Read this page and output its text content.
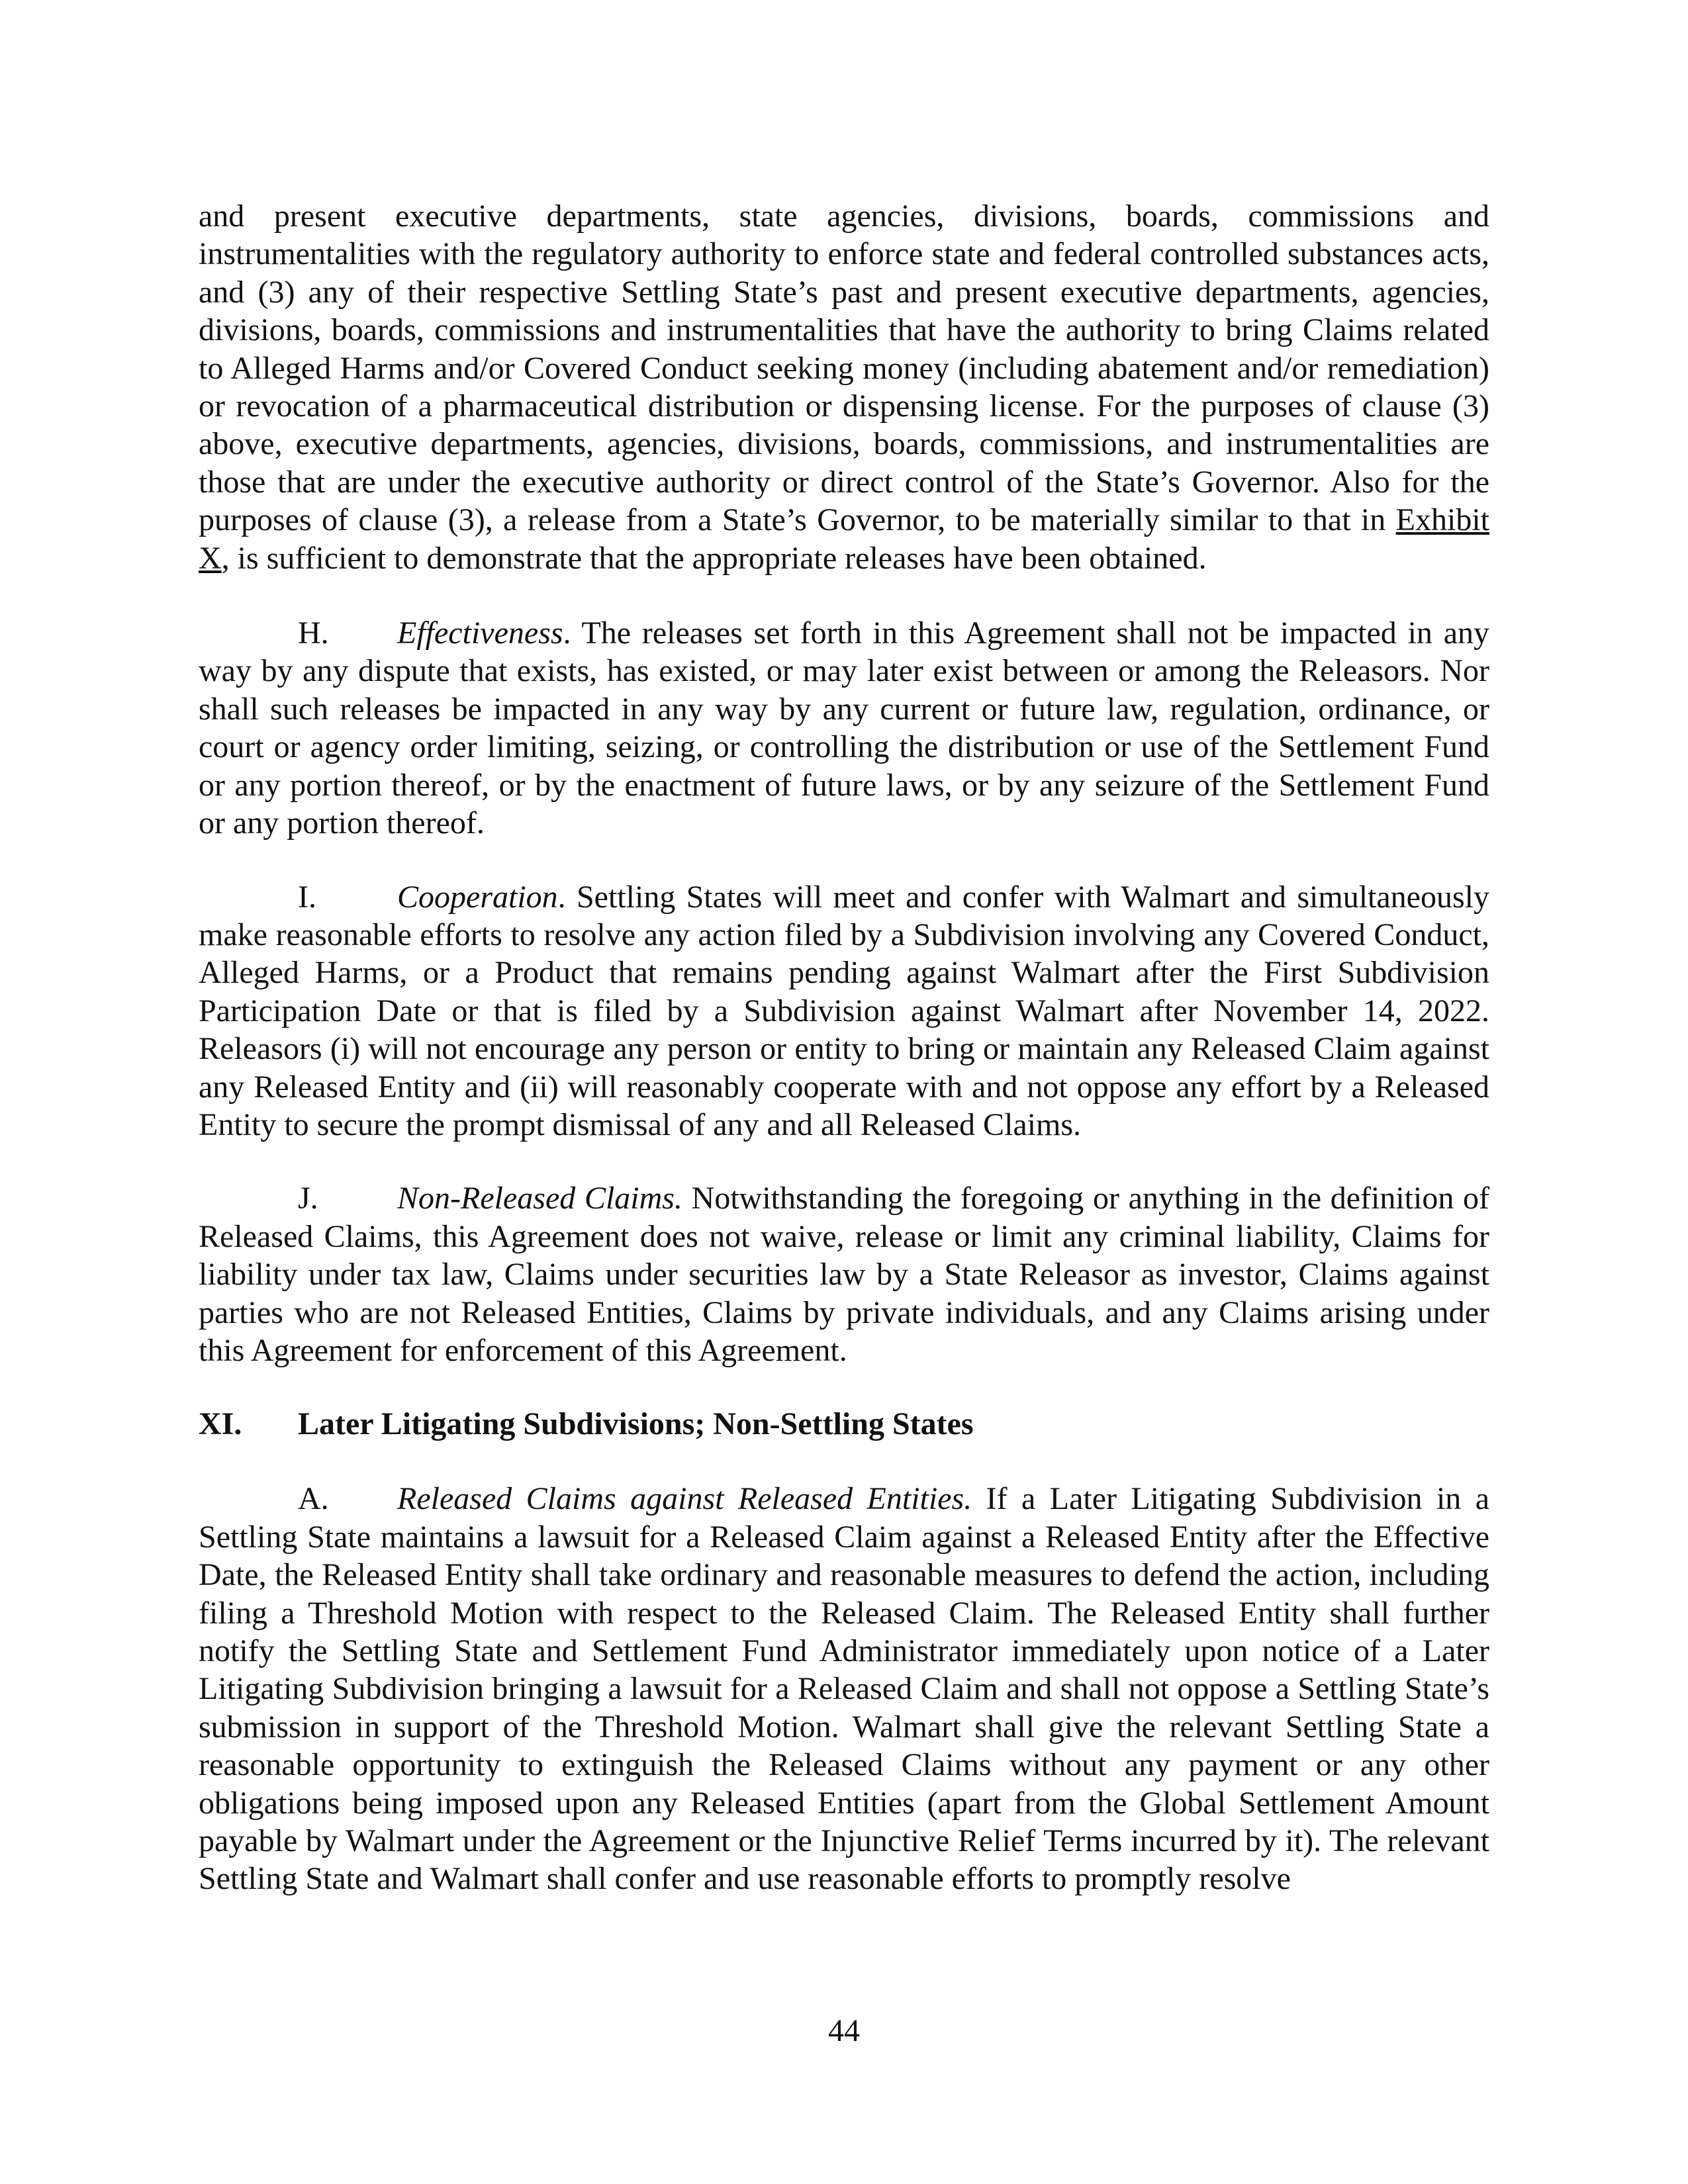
and present executive departments, state agencies, divisions, boards, commissions and instrumentalities with the regulatory authority to enforce state and federal controlled substances acts, and (3) any of their respective Settling State’s past and present executive departments, agencies, divisions, boards, commissions and instrumentalities that have the authority to bring Claims related to Alleged Harms and/or Covered Conduct seeking money (including abatement and/or remediation) or revocation of a pharmaceutical distribution or dispensing license. For the purposes of clause (3) above, executive departments, agencies, divisions, boards, commissions, and instrumentalities are those that are under the executive authority or direct control of the State’s Governor. Also for the purposes of clause (3), a release from a State’s Governor, to be materially similar to that in Exhibit X, is sufficient to demonstrate that the appropriate releases have been obtained.

H. Effectiveness. The releases set forth in this Agreement shall not be impacted in any way by any dispute that exists, has existed, or may later exist between or among the Releasors. Nor shall such releases be impacted in any way by any current or future law, regulation, ordinance, or court or agency order limiting, seizing, or controlling the distribution or use of the Settlement Fund or any portion thereof, or by the enactment of future laws, or by any seizure of the Settlement Fund or any portion thereof.

I.	Cooperation. Settling States will meet and confer with Walmart and simultaneously make reasonable efforts to resolve any action filed by a Subdivision involving any Covered Conduct, Alleged Harms, or a Product that remains pending against Walmart after the First Subdivision Participation Date or that is filed by a Subdivision against Walmart after November 14, 2022. Releasors (i) will not encourage any person or entity to bring or maintain any Released Claim against any Released Entity and (ii) will reasonably cooperate with and not oppose any effort by a Released Entity to secure the prompt dismissal of any and all Released Claims.

J. Non-Released Claims. Notwithstanding the foregoing or anything in the definition of Released Claims, this Agreement does not waive, release or limit any criminal liability, Claims for liability under tax law, Claims under securities law by a State Releasor as investor, Claims against parties who are not Released Entities, Claims by private individuals, and any Claims arising under this Agreement for enforcement of this Agreement.

XI. Later Litigating Subdivisions; Non-Settling States

A. Released Claims against Released Entities. If a Later Litigating Subdivision in a Settling State maintains a lawsuit for a Released Claim against a Released Entity after the Effective Date, the Released Entity shall take ordinary and reasonable measures to defend the action, including filing a Threshold Motion with respect to the Released Claim. The Released Entity shall further notify the Settling State and Settlement Fund Administrator immediately upon notice of a Later Litigating Subdivision bringing a lawsuit for a Released Claim and shall not oppose a Settling State’s submission in support of the Threshold Motion. Walmart shall give the relevant Settling State a reasonable opportunity to extinguish the Released Claims without any payment or any other obligations being imposed upon any Released Entities (apart from the Global Settlement Amount payable by Walmart under the Agreement or the Injunctive Relief Terms incurred by it). The relevant Settling State and Walmart shall confer and use reasonable efforts to promptly resolve

44
